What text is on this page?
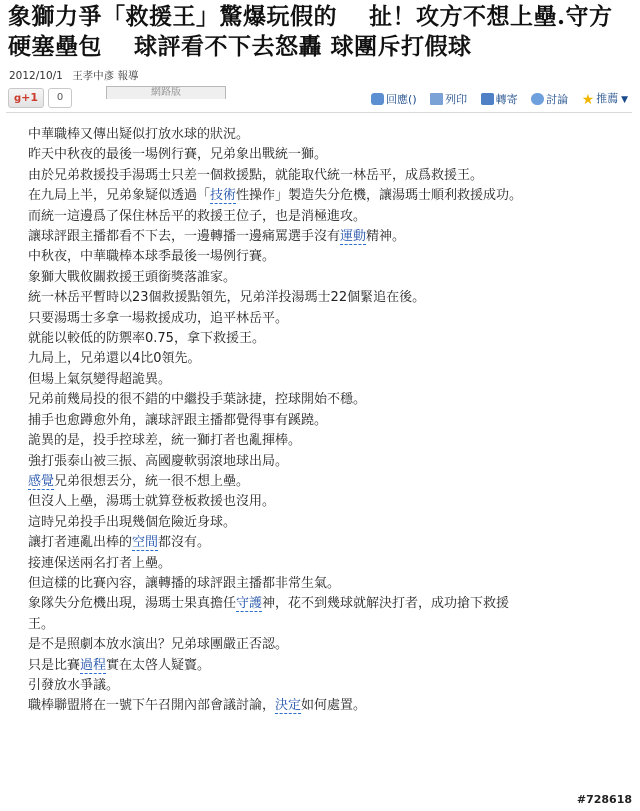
象獅力爭「救援王」驚爆玩假的　 扯！攻方不想上壘.守方硬塞壘包　 球評看不下去怒轟 球團斥打假球
2012/10/1 王孝中彥 報導
g+1	0	網路版
回應()	列印	轉寄	討論 ★ 推薦 ▼

中華職棒又傳出疑似打放水球的狀況。

昨天中秋夜的最後一場例行賽，兄弟象出戰統一獅。

由於兄弟救援投手湯瑪士只差一個救援點，就能取代統一林岳平，成爲救援王。

在九局上半，兄弟象疑似透過「技術性操作」製造失分危機，讓湯瑪士順利救援成功。

而統一這邊爲了保住林岳平的救援王位子，也是消極進攻。

讓球評跟主播都看不下去，一邊轉播一邊痛罵選手沒有運動精神。

中秋夜，中華職棒本球季最後一場例行賽。

象獅大戰攸關救援王頭銜獎落誰家。

統一林岳平暫時以23個救援點領先，兄弟洋投湯瑪士22個緊追在後。

只要湯瑪士多拿一場救援成功，追平林岳平。

就能以較低的防禦率0.75，拿下救援王。

九局上，兄弟還以4比0領先。

但場上氣氛變得超詭異。

兄弟前幾局投的很不錯的中繼投手葉詠捷，控球開始不穩。

捕手也愈蹲愈外角，讓球評跟主播都覺得事有蹊蹺。

詭異的是，投手控球差，統一獅打者也亂揮棒。

強打張泰山被三振、高國慶軟弱滾地球出局。

感覺兄弟很想丟分，統一很不想上壘。

但沒人上壘，湯瑪士就算登板救援也沒用。

這時兄弟投手出現幾個危險近身球。

讓打者連亂出棒的空間都沒有。

接連保送兩名打者上壘。

但這樣的比賽內容，讓轉播的球評跟主播都非常生氣。

象隊失分危機出現，湯瑪士果真擔任守護神，花不到幾球就解決打者，成功搶下救援

王。

是不是照劇本放水演出？兄弟球團嚴正否認。

只是比賽過程實在太啓人疑竇。

引發放水爭議。

職棒聯盟將在一號下午召開內部會議討論，決定如何處置。

#728618
